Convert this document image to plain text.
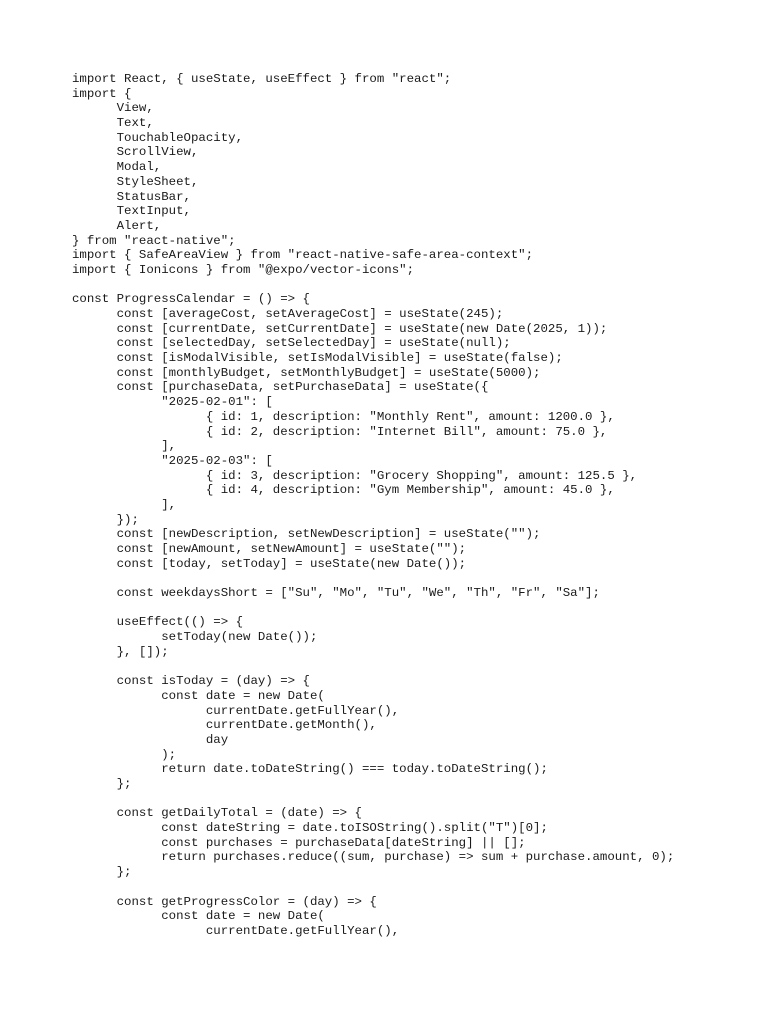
import React, { useState, useEffect } from "react";
import {
View,
Text,
TouchableOpacity,
ScrollView,
Modal,
StyleSheet,
StatusBar,
TextInput,
Alert,
} from "react-native";
import { SafeAreaView } from "react-native-safe-area-context";
import { Ionicons } from "@expo/vector-icons";
const ProgressCalendar = () => {
const [averageCost, setAverageCost] = useState(245);
const [currentDate, setCurrentDate] = useState(new Date(2025, 1));
const [selectedDay, setSelectedDay] = useState(null);
const [isModalVisible, setIsModalVisible] = useState(false);
const [monthlyBudget, setMonthlyBudget] = useState(5000);
const [purchaseData, setPurchaseData] = useState({
"2025-02-01": [
{ id: 1, description: "Monthly Rent", amount: 1200.0 },
{ id: 2, description: "Internet Bill", amount: 75.0 },
],
"2025-02-03": [
{ id: 3, description: "Grocery Shopping", amount: 125.5 },
{ id: 4, description: "Gym Membership", amount: 45.0 },
],
});
const [newDescription, setNewDescription] = useState("");
const [newAmount, setNewAmount] = useState("");
const [today, setToday] = useState(new Date());
const weekdaysShort = ["Su", "Mo", "Tu", "We", "Th", "Fr", "Sa"];
useEffect(() => {
setToday(new Date());
}, []);
const isToday = (day) => {
const date = new Date(
currentDate.getFullYear(),
currentDate.getMonth(),
day
);
return date.toDateString() === today.toDateString();
};
const getDailyTotal = (date) => {
const dateString = date.toISOString().split("T")[0];
const purchases = purchaseData[dateString] || [];
return purchases.reduce((sum, purchase) => sum + purchase.amount, 0);
};
const getProgressColor = (day) => {
const date = new Date(
currentDate.getFullYear(),
